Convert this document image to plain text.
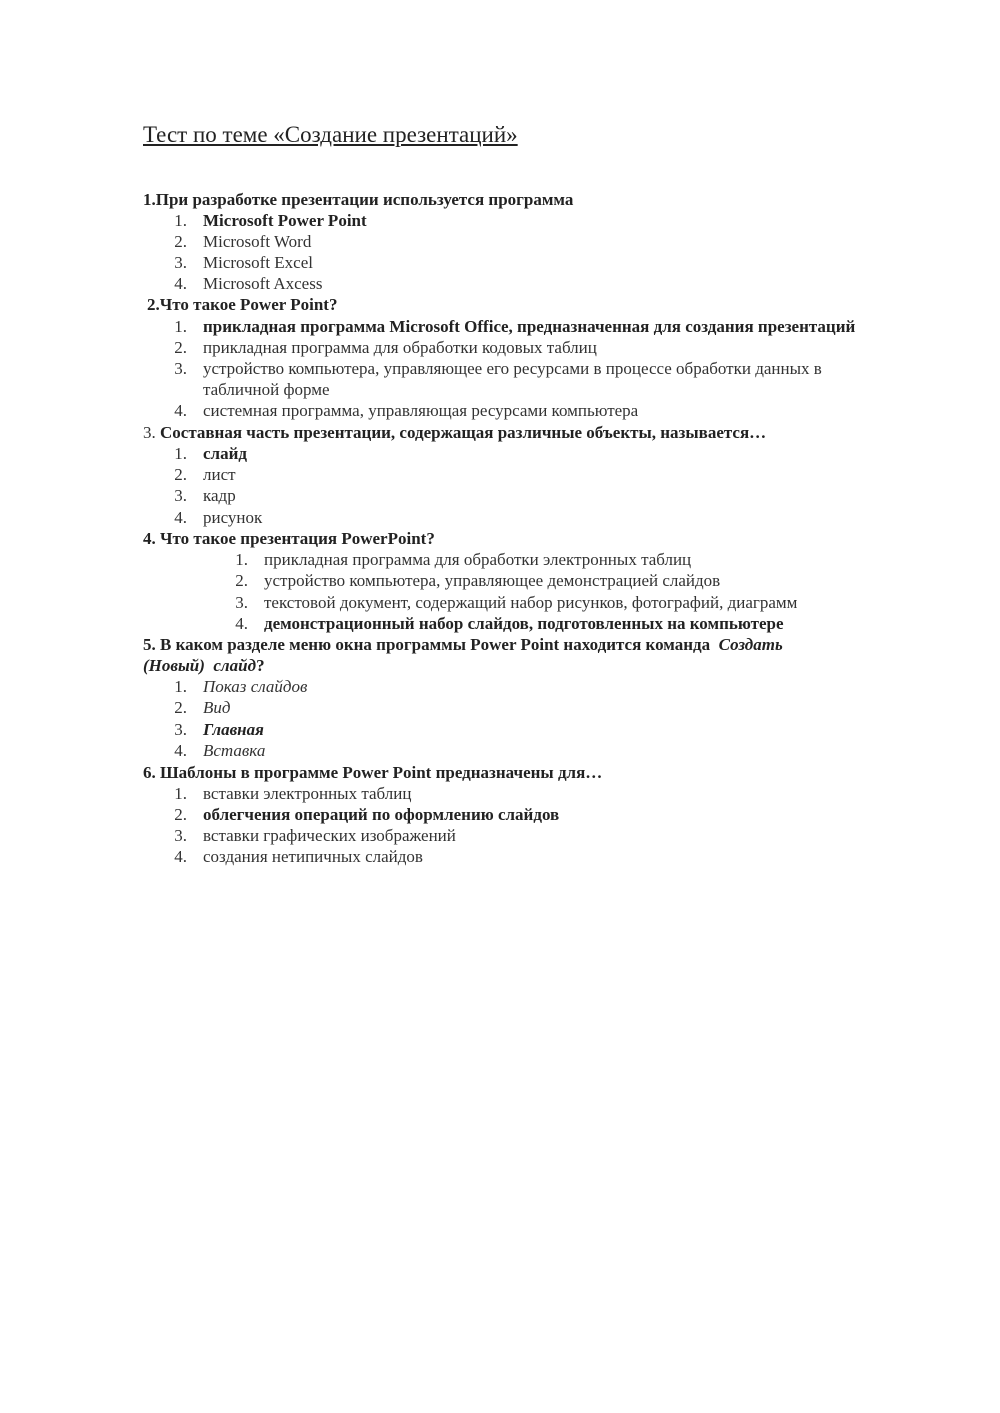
Тест по теме «Создание презентаций»
1.При разработке презентации используется программа
1. Microsoft Power Point
2. Microsoft Word
3. Microsoft Excel
4. Microsoft Axcess
2.Что такое Power Point?
1. прикладная программа Microsoft Office, предназначенная для создания презентаций
2. прикладная программа для обработки кодовых таблиц
3. устройство компьютера, управляющее его ресурсами в процессе обработки данных в
табличной форме
4. системная программа, управляющая ресурсами компьютера
3. Составная часть презентации, содержащая различные объекты, называется…
1. слайд
2. лист
3. кадр
4. рисунок
4. Что такое презентация PowerPoint?
1. прикладная программа для обработки электронных таблиц
2. устройство компьютера, управляющее демонстрацией слайдов
3. текстовой документ, содержащий набор рисунков, фотографий, диаграмм
4. демонстрационный набор слайдов, подготовленных на компьютере
5. В каком разделе меню окна программы Power Point находится команда Создать
(Новый)  слайд?
1. Показ слайдов
2. Вид
3. Главная
4. Вставка
6. Шаблоны в программе Power Point предназначены для…
1. вставки электронных таблиц
2. облегчения операций по оформлению слайдов
3. вставки графических изображений
4. создания нетипичных слайдов
